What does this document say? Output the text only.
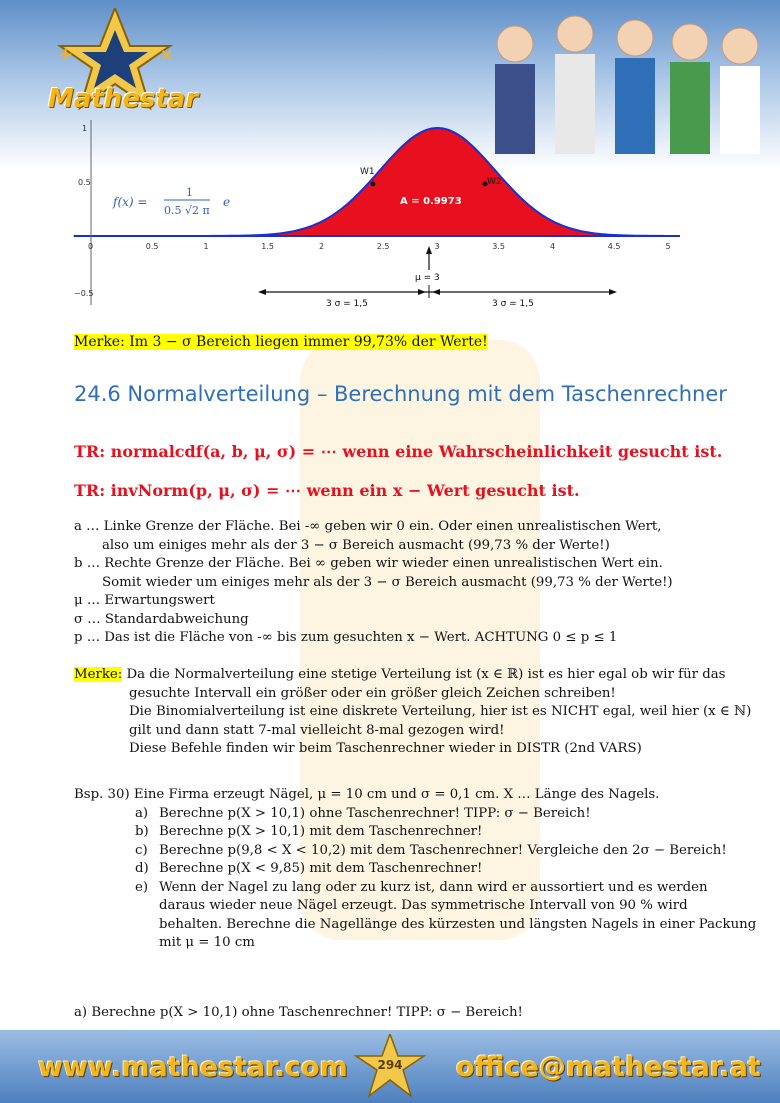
+	×
Mathestar
0	0.5	1	1.5	2	2.5	3	3.5	4	4.5	5
1
0.5
−0.5
f(x) =
1
0.5 √2 π
e	A = 0.9973
W1
W2
μ = 3
3 σ = 1,5	3 σ = 1,5
Merke: Im 3 − σ Bereich liegen immer 99,73% der Werte!
24.6 Normalverteilung – Berechnung mit dem Taschenrechner
TR: normalcdf(a, b, μ, σ) = ⋯ wenn eine Wahrscheinlichkeit gesucht ist.
TR: invNorm(p, μ, σ) = ⋯ wenn ein x − Wert gesucht ist.
a … Linke Grenze der Fläche. Bei -∞ geben wir 0 ein. Oder einen unrealistischen Wert,
also um einiges mehr als der 3 − σ Bereich ausmacht (99,73 % der Werte!)
b … Rechte Grenze der Fläche. Bei ∞ geben wir wieder einen unrealistischen Wert ein.
Somit wieder um einiges mehr als der 3 − σ Bereich ausmacht (99,73 % der Werte!)
μ … Erwartungswert
σ … Standardabweichung
p … Das ist die Fläche von -∞ bis zum gesuchten x − Wert. ACHTUNG 0 ≤ p ≤ 1
Merke: Da die Normalverteilung eine stetige Verteilung ist (x ∈ ℝ) ist es hier egal ob wir für das
gesuchte Intervall ein größer oder ein größer gleich Zeichen schreiben!
Die Binomialverteilung ist eine diskrete Verteilung, hier ist es NICHT egal, weil hier (x ∈ ℕ)
gilt und dann statt 7-mal vielleicht 8-mal gezogen wird!
Diese Befehle finden wir beim Taschenrechner wieder in DISTR (2nd VARS)
Bsp. 30) Eine Firma erzeugt Nägel, μ = 10 cm und σ = 0,1 cm. X … Länge des Nagels.
a) Berechne p(X > 10,1) ohne Taschenrechner! TIPP: σ − Bereich!
b) Berechne p(X > 10,1) mit dem Taschenrechner!
c) Berechne p(9,8 < X < 10,2) mit dem Taschenrechner! Vergleiche den 2σ − Bereich!
d) Berechne p(X < 9,85) mit dem Taschenrechner!
e) Wenn der Nagel zu lang oder zu kurz ist, dann wird er aussortiert und es werden
daraus wieder neue Nägel erzeugt. Das symmetrische Intervall von 90 % wird
behalten. Berechne die Nagellänge des kürzesten und längsten Nagels in einer Packung
mit μ = 10 cm
a) Berechne p(X > 10,1) ohne Taschenrechner! TIPP: σ − Bereich!
www.mathestar.com	294 office@mathestar.at
